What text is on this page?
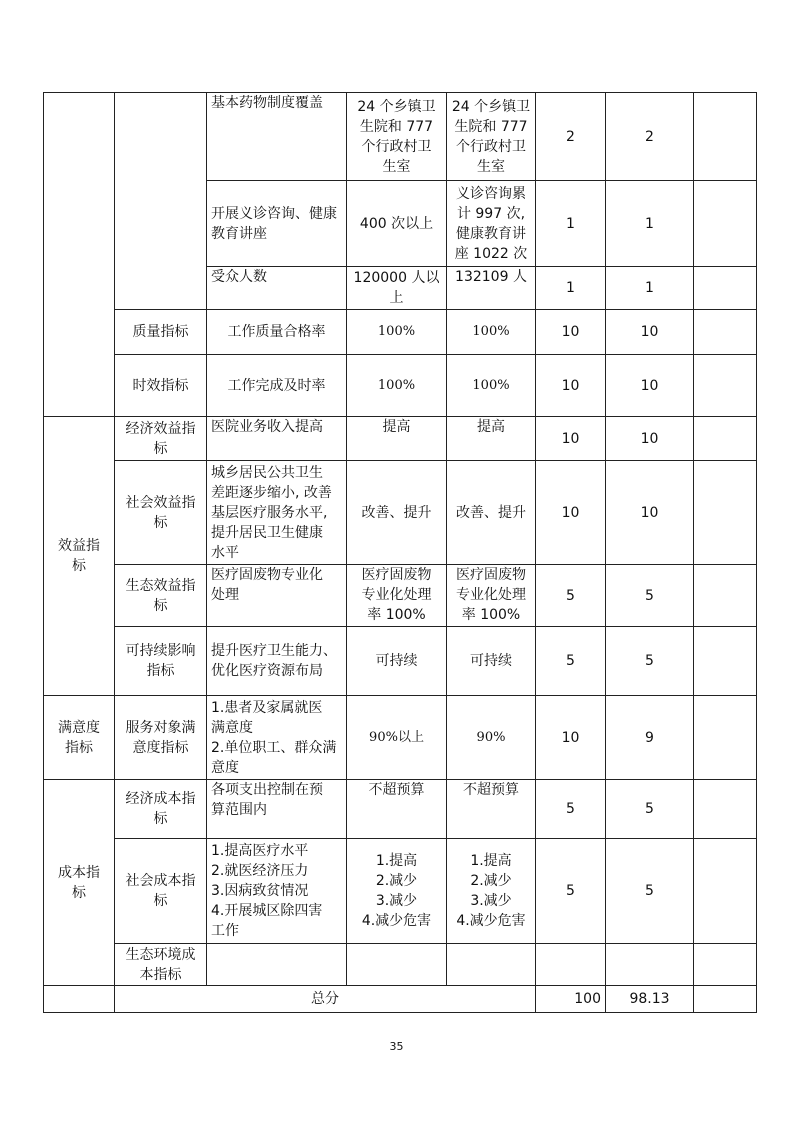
		基本药物制度覆盖	24 个乡镇卫
生院和 777
个行政村卫
生室	24 个乡镇卫
生院和 777
个行政村卫
生室	2	2	
		开展义诊咨询、健康
教育讲座	400 次以上	义诊咨询累
计 997 次,
健康教育讲
座 1022 次	1	1	
		受众人数	120000 人以
上	132109 人	1	1	
	质量指标	工作质量合格率	100%	100%	10	10	
	时效指标	工作完成及时率	100%	100%	10	10	
效益指
标	经济效益指
标	医院业务收入提高	提高	提高	10	10	
	社会效益指
标	城乡居民公共卫生
差距逐步缩小, 改善
基层医疗服务水平,
提升居民卫生健康
水平	改善、提升	改善、提升	10	10	
	生态效益指
标	医疗固废物专业化
处理	医疗固废物
专业化处理
率 100%	医疗固废物
专业化处理
率 100%	5	5	
	可持续影响
指标	提升医疗卫生能力、
优化医疗资源布局	可持续	可持续	5	5	
满意度
指标	服务对象满
意度指标	1.患者及家属就医
满意度
2.单位职工、群众满
意度	90%以上	90%	10	9	
成本指
标	经济成本指
标	各项支出控制在预
算范围内	不超预算	不超预算	5	5	
	社会成本指
标	1.提高医疗水平
2.就医经济压力
3.因病致贫情况
4.开展城区除四害
工作	1.提高
2.减少
3.减少
4.减少危害	1.提高
2.减少
3.减少
4.减少危害	5	5	
	生态环境成
本指标						
	总分				100	98.13	
35
